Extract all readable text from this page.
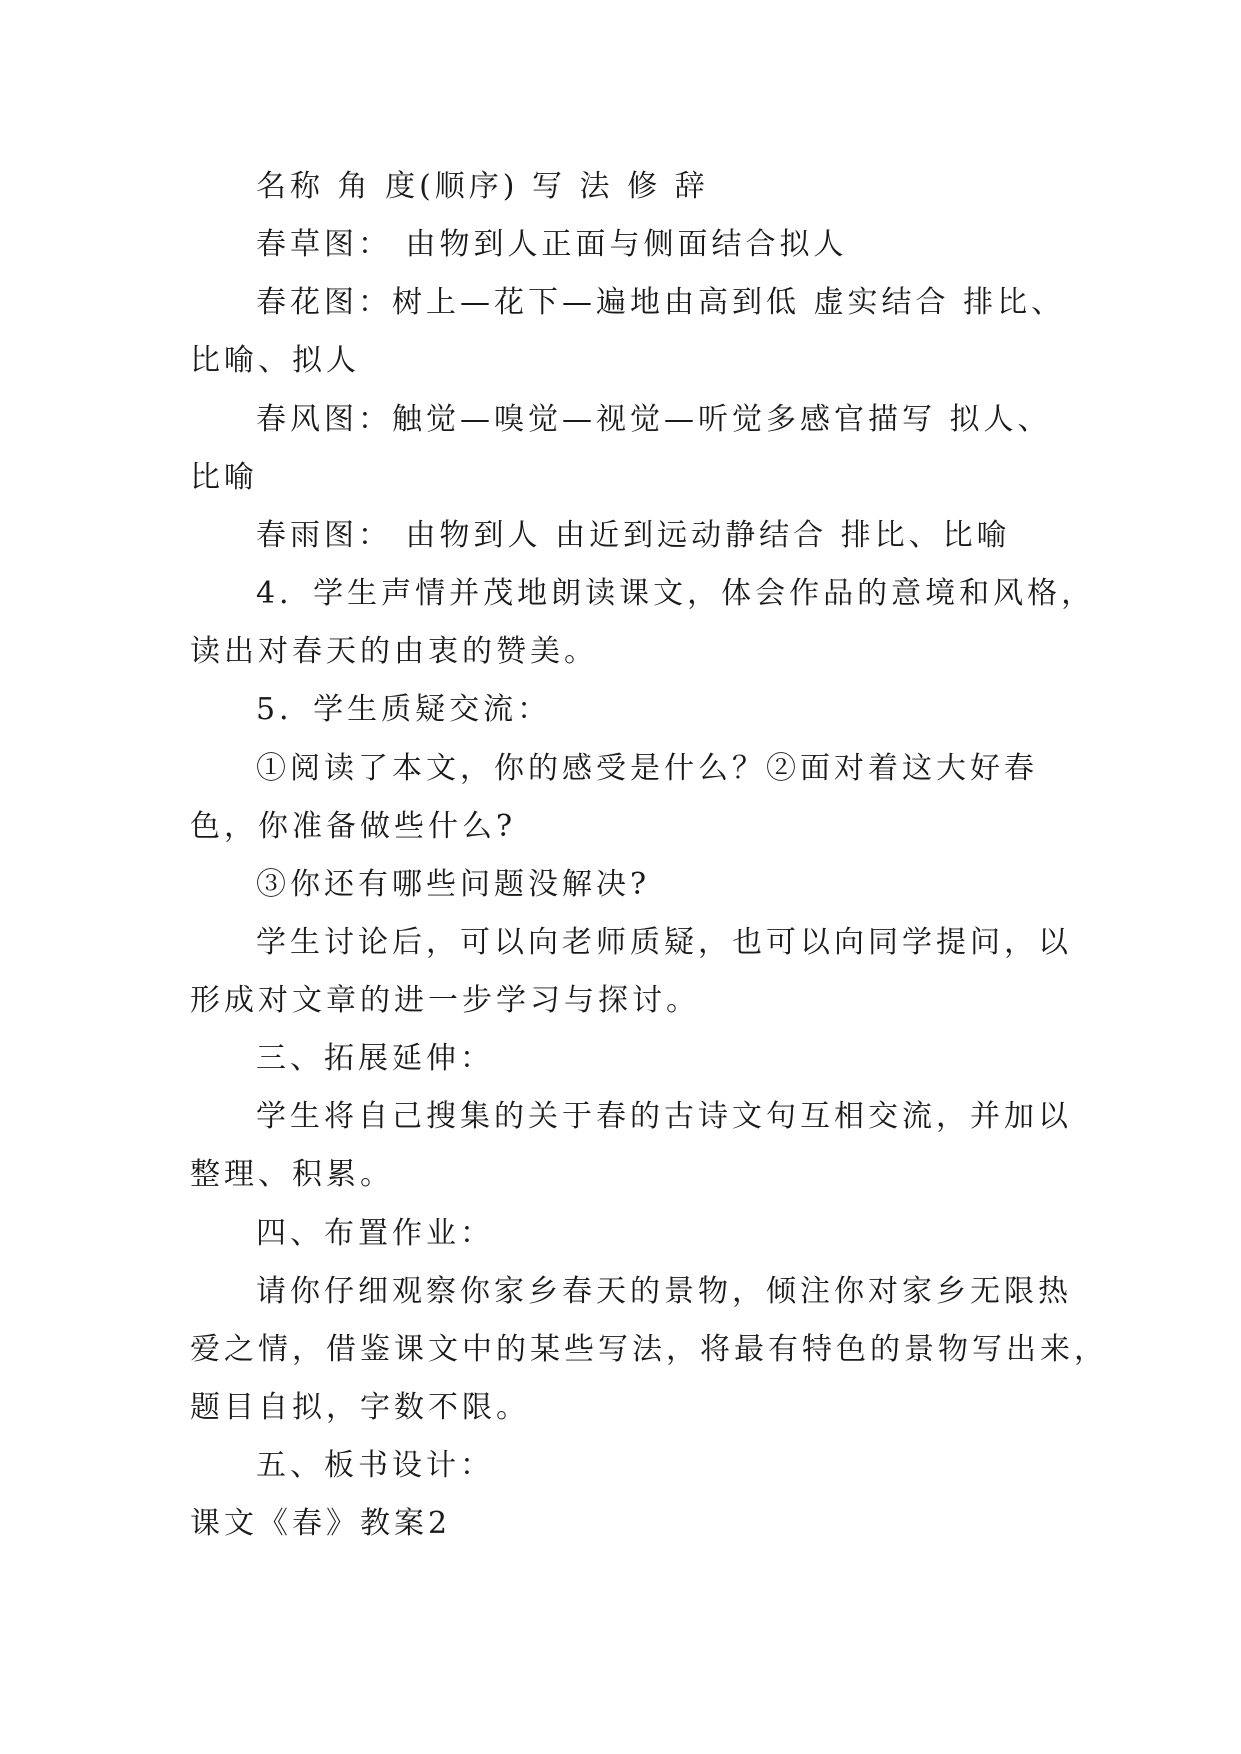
名称 角 度(顺序) 写 法 修 辞
春草图： 由物到人正面与侧面结合拟人
春花图：树上—花下—遍地由高到低 虚实结合 排比、
比喻、拟人
春风图：触觉—嗅觉—视觉—听觉多感官描写 拟人、
比喻
春雨图： 由物到人 由近到远动静结合 排比、比喻
4．学生声情并茂地朗读课文，体会作品的意境和风格，
读出对春天的由衷的赞美。
5．学生质疑交流：
①阅读了本文，你的感受是什么？②面对着这大好春
色，你准备做些什么?
③你还有哪些问题没解决?
学生讨论后，可以向老师质疑，也可以向同学提问，以
形成对文章的进一步学习与探讨。
三、拓展延伸：
学生将自己搜集的关于春的古诗文句互相交流，并加以
整理、积累。
四、布置作业：
请你仔细观察你家乡春天的景物，倾注你对家乡无限热
爱之情，借鉴课文中的某些写法，将最有特色的景物写出来，
题目自拟，字数不限。
五、板书设计：
课文《春》教案2
